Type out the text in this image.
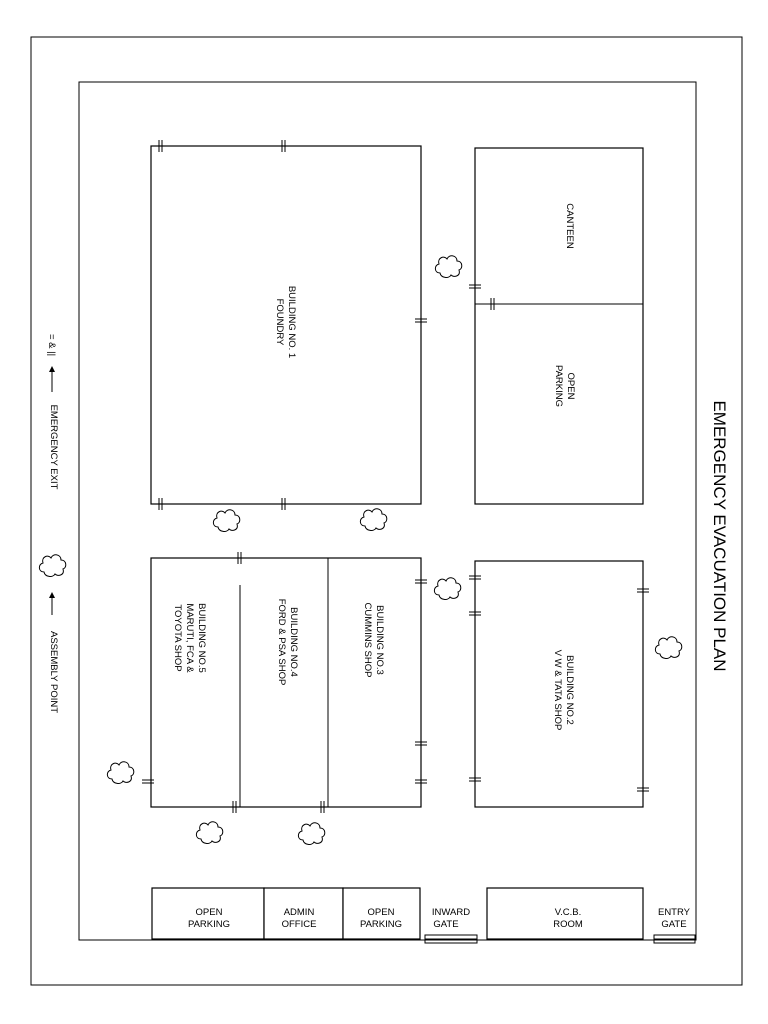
BUILDING NO. 1
FOUNDRY
CANTEEN
OPEN
PARKING
BUILDING NO.3
CUMMINS SHOP
BUILDING NO.4
FORD & PSA SHOP
BUILDING NO.5
MARUTI, FCA &
TOYOTA SHOP
BUILDING NO.2
V W & TATA SHOP
OPEN
PARKING
ADMIN
OFFICE
OPEN
PARKING
INWARD
GATE
V.C.B.
ROOM
ENTRY
GATE
= & ||
EMERGENCY EXIT
ASSEMBLY POINT
EMERGENCY EVACUATION PLAN
